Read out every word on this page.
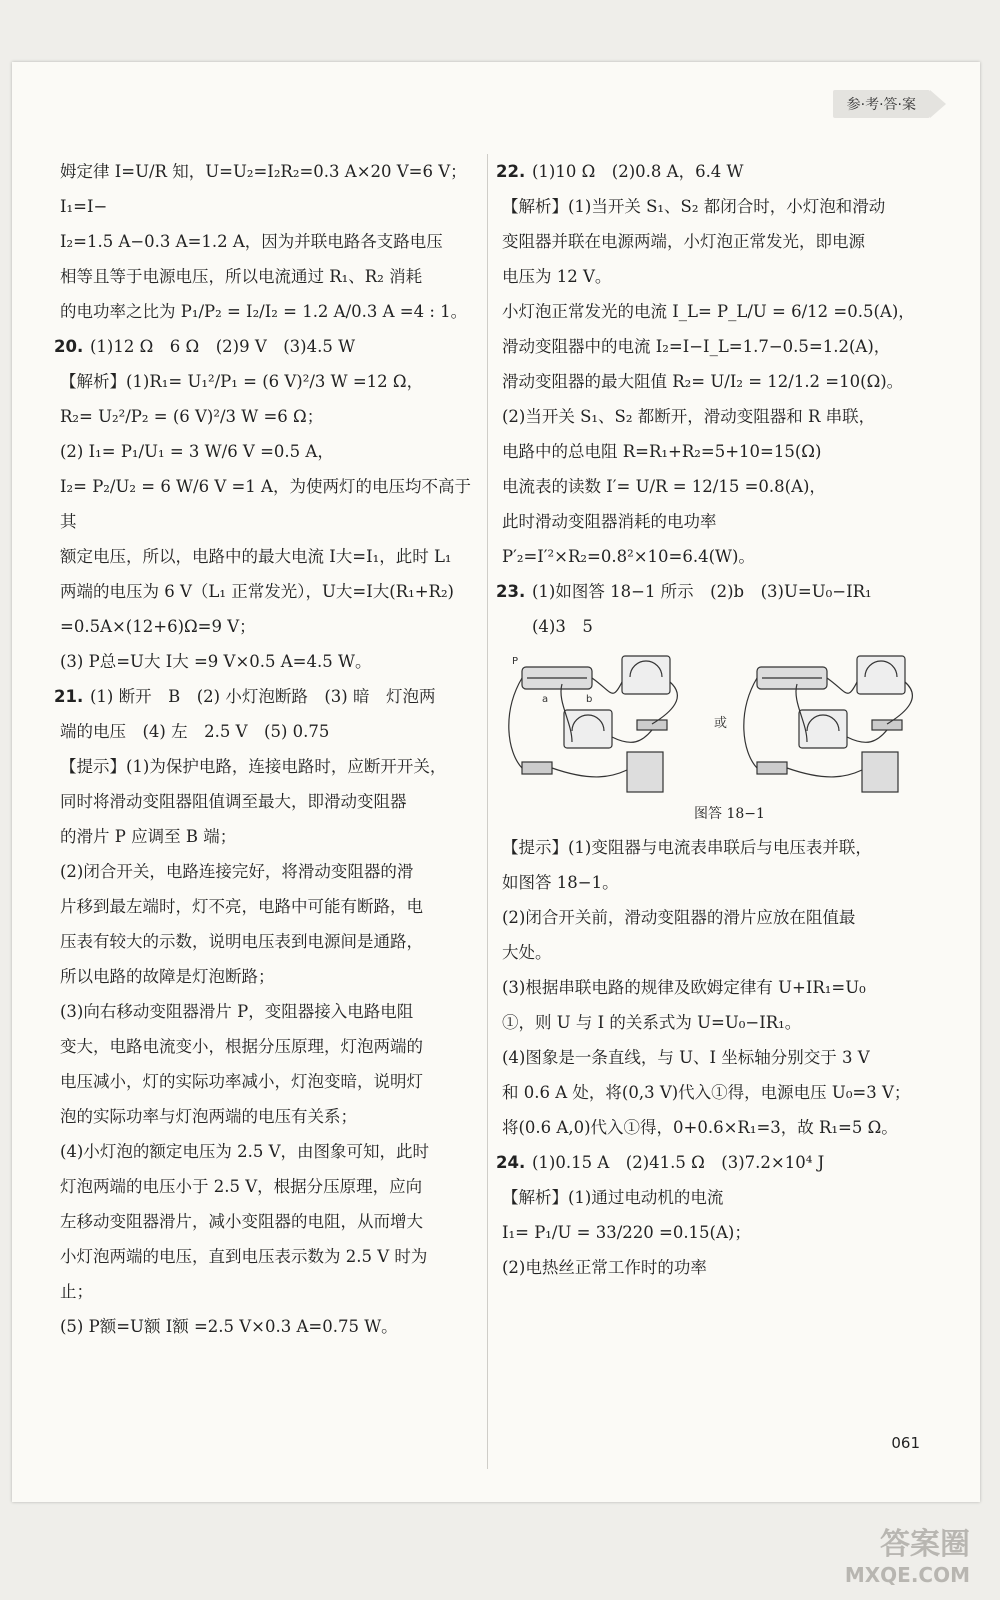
参·考·答·案

姆定律 I=U/R 知，U=U₂=I₂R₂=0.3 A×20 V=6 V；I₁=I−

I₂=1.5 A−0.3 A=1.2 A，因为并联电路各支路电压

相等且等于电源电压，所以电流通过 R₁、R₂ 消耗

的电功率之比为 P₁/P₂ = I₂/I₂ = 1.2 A/0.3 A =4 : 1。

20. (1)12 Ω　6 Ω　(2)9 V　(3)4.5 W

【解析】(1)R₁= U₁²/P₁ = (6 V)²/3 W =12 Ω，

R₂= U₂²/P₂ = (6 V)²/3 W =6 Ω；

(2) I₁= P₁/U₁ = 3 W/6 V =0.5 A，

I₂= P₂/U₂ = 6 W/6 V =1 A，为使两灯的电压均不高于其

额定电压，所以，电路中的最大电流 I大=I₁，此时 L₁

两端的电压为 6 V（L₁ 正常发光），U大=I大(R₁+R₂)

=0.5A×(12+6)Ω=9 V；

(3) P总=U大 I大 =9 V×0.5 A=4.5 W。

21. (1) 断开　B　(2) 小灯泡断路　(3) 暗　灯泡两

端的电压　(4) 左　2.5 V　(5) 0.75

【提示】(1)为保护电路，连接电路时，应断开开关，

同时将滑动变阻器阻值调至最大，即滑动变阻器

的滑片 P 应调至 B 端；

(2)闭合开关，电路连接完好，将滑动变阻器的滑

片移到最左端时，灯不亮，电路中可能有断路，电

压表有较大的示数，说明电压表到电源间是通路，

所以电路的故障是灯泡断路；

(3)向右移动变阻器滑片 P，变阻器接入电路电阻

变大，电路电流变小，根据分压原理，灯泡两端的

电压减小，灯的实际功率减小，灯泡变暗，说明灯

泡的实际功率与灯泡两端的电压有关系；

(4)小灯泡的额定电压为 2.5 V，由图象可知，此时

灯泡两端的电压小于 2.5 V，根据分压原理，应向

左移动变阻器滑片，减小变阻器的电阻，从而增大

小灯泡两端的电压，直到电压表示数为 2.5 V 时为

止；

(5) P额=U额 I额 =2.5 V×0.3 A=0.75 W。

22. (1)10 Ω　(2)0.8 A，6.4 W

【解析】(1)当开关 S₁、S₂ 都闭合时，小灯泡和滑动

变阻器并联在电源两端，小灯泡正常发光，即电源

电压为 12 V。

小灯泡正常发光的电流 I_L= P_L/U = 6/12 =0.5(A)，

滑动变阻器中的电流 I₂=I−I_L=1.7−0.5=1.2(A)，

滑动变阻器的最大阻值 R₂= U/I₂ = 12/1.2 =10(Ω)。

(2)当开关 S₁、S₂ 都断开，滑动变阻器和 R 串联，

电路中的总电阻 R=R₁+R₂=5+10=15(Ω)

电流表的读数 I′= U/R = 12/15 =0.8(A)，

此时滑动变阻器消耗的电功率

P′₂=I′²×R₂=0.8²×10=6.4(W)。

23. (1)如图答 18−1 所示　(2)b　(3)U=U₀−IR₁

(4)3　5

P
a	b
或
图答 18−1

【提示】(1)变阻器与电流表串联后与电压表并联，

如图答 18−1。

(2)闭合开关前，滑动变阻器的滑片应放在阻值最

大处。

(3)根据串联电路的规律及欧姆定律有 U+IR₁=U₀

①，则 U 与 I 的关系式为 U=U₀−IR₁。

(4)图象是一条直线，与 U、I 坐标轴分别交于 3 V

和 0.6 A 处，将(0,3 V)代入①得，电源电压 U₀=3 V；

将(0.6 A,0)代入①得，0+0.6×R₁=3，故 R₁=5 Ω。

24. (1)0.15 A　(2)41.5 Ω　(3)7.2×10⁴ J

【解析】(1)通过电动机的电流

I₁= P₁/U = 33/220 =0.15(A)；

(2)电热丝正常工作时的功率

061
答案圈
MXQE.COM
